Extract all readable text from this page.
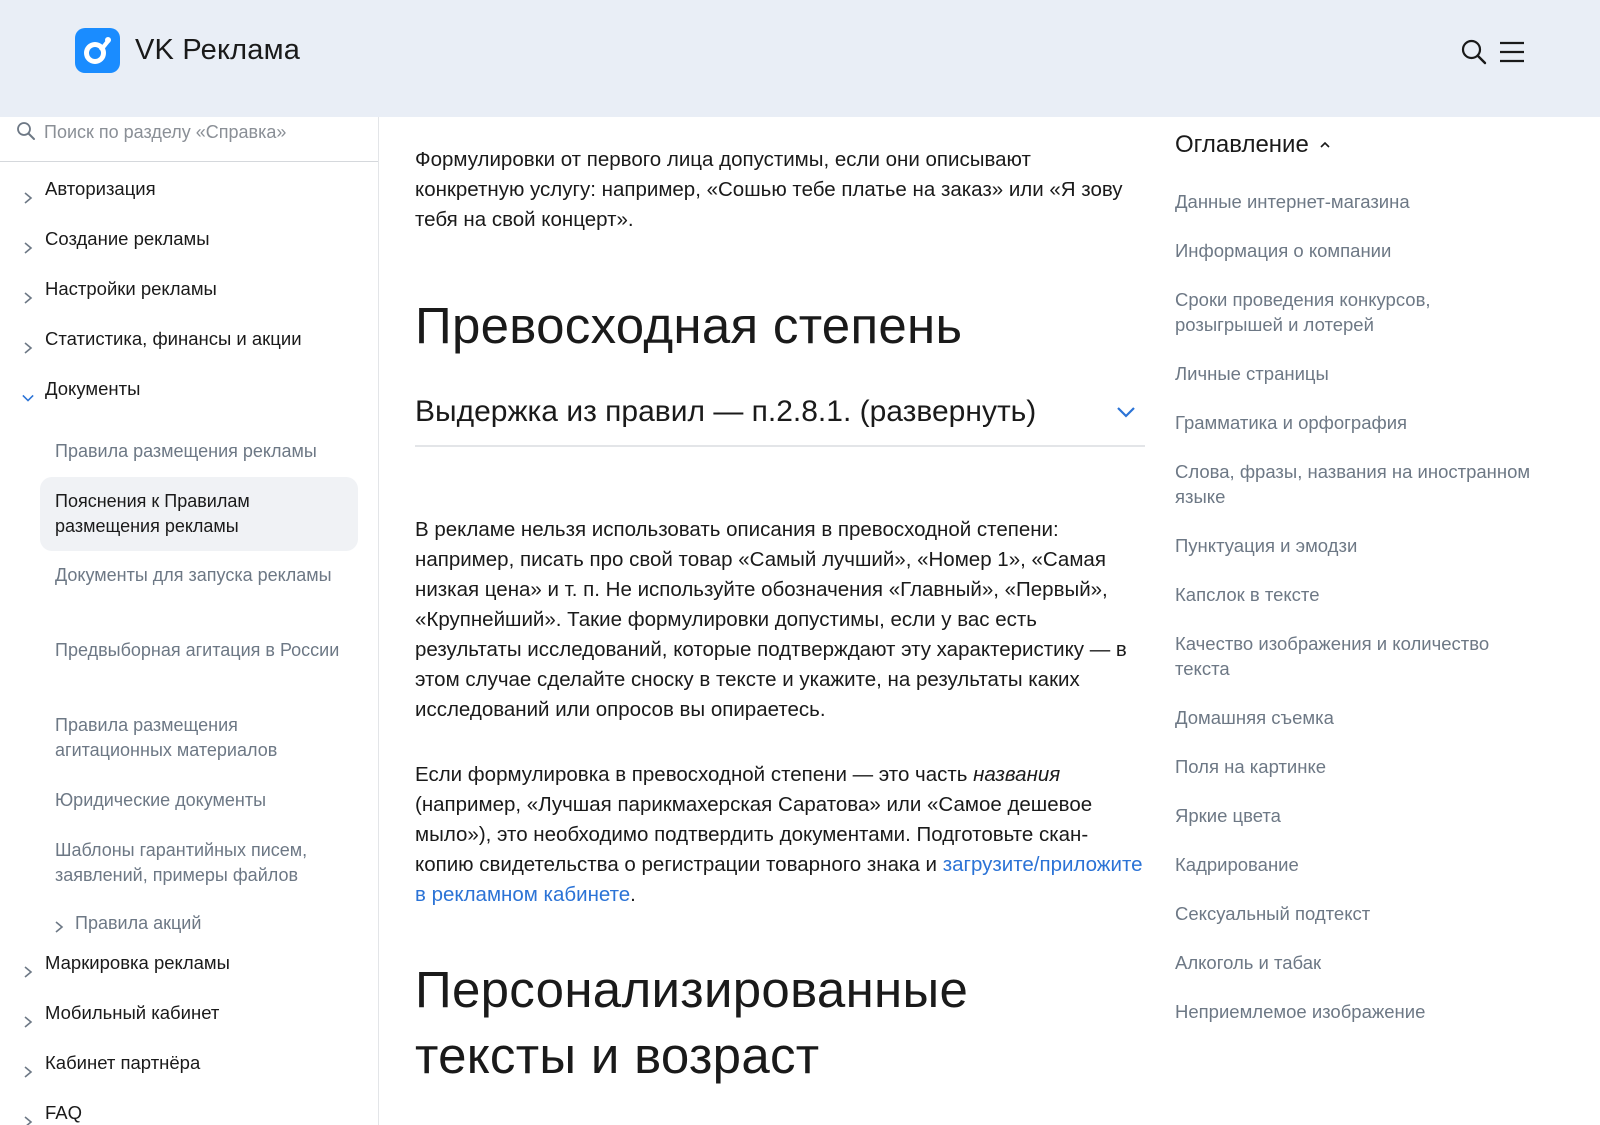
VK Реклама
Поиск по разделу «Справка»
Авторизация
Создание рекламы
Настройки рекламы
Статистика, финансы и акции
Документы
Правила размещения рекламы
Пояснения к Правилам размещения рекламы
Документы для запуска рекламы
Предвыборная агитация в России
Правила размещения агитационных материалов
Юридические документы
Шаблоны гарантийных писем, заявлений, примеры файлов
Правила акций
Маркировка рекламы
Мобильный кабинет
Кабинет партнёра
FAQ

Формулировки от первого лица допустимы, если они описывают конкретную услугу: например, «Сошью тебе платье на заказ» или «Я зову тебя на свой концерт».

Превосходная степень
Выдержка из правил — п.2.8.1. (развернуть)

В рекламе нельзя использовать описания в превосходной степени: например, писать про свой товар «Самый лучший», «Номер 1», «Самая низкая цена» и т. п. Не используйте обозначения «Главный», «Первый», «Крупнейший». Такие формулировки допустимы, если у вас есть результаты исследований, которые подтверждают эту характеристику — в этом случае сделайте сноску в тексте и укажите, на результаты каких исследований или опросов вы опираетесь.

Если формулировка в превосходной степени — это часть названия (например, «Лучшая парикмахерская Саратова» или «Самое дешевое мыло»), это необходимо подтвердить документами. Подготовьте скан-копию свидетельства о регистрации товарного знака и загрузите/приложите в рекламном кабинете.

Персонализированные
тексты и возраст
Оглавление
Данные интернет-магазина
Информация о компании
Сроки проведения конкурсов, розыгрышей и лотерей
Личные страницы
Грамматика и орфография
Слова, фразы, названия на иностранном языке
Пунктуация и эмодзи
Капслок в тексте
Качество изображения и количество текста
Домашняя съемка
Поля на картинке
Яркие цвета
Кадрирование
Сексуальный подтекст
Алкоголь и табак
Неприемлемое изображение
